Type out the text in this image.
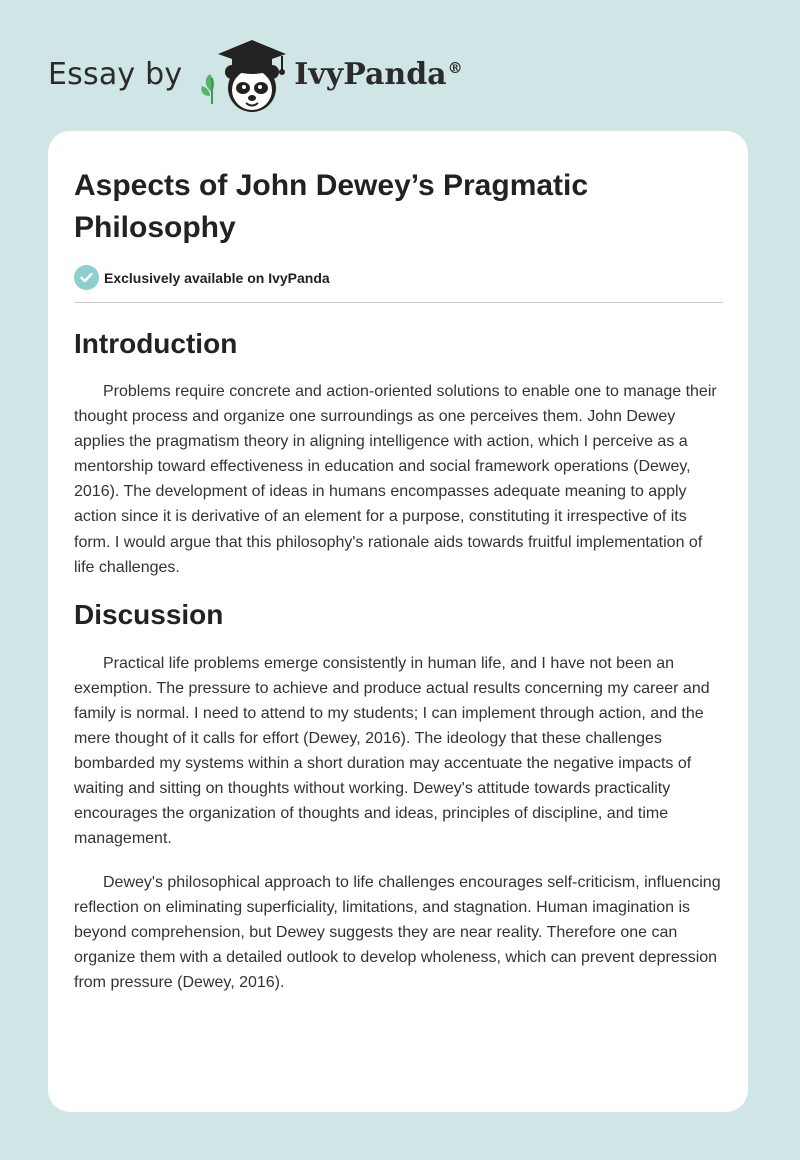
Essay by	IvyPanda®
Aspects of John Dewey’s Pragmatic Philosophy
Exclusively available on IvyPanda
Introduction

Problems require concrete and action-oriented solutions to enable one to manage their thought process and organize one surroundings as one perceives them. John Dewey applies the pragmatism theory in aligning intelligence with action, which I perceive as a mentorship toward effectiveness in education and social framework operations (Dewey, 2016). The development of ideas in humans encompasses adequate meaning to apply action since it is derivative of an element for a purpose, constituting it irrespective of its form. I would argue that this philosophy's rationale aids towards fruitful implementation of life challenges.

Discussion

Practical life problems emerge consistently in human life, and I have not been an exemption. The pressure to achieve and produce actual results concerning my career and family is normal. I need to attend to my students; I can implement through action, and the mere thought of it calls for effort (Dewey, 2016). The ideology that these challenges bombarded my systems within a short duration may accentuate the negative impacts of waiting and sitting on thoughts without working. Dewey's attitude towards practicality encourages the organization of thoughts and ideas, principles of discipline, and time management.

Dewey's philosophical approach to life challenges encourages self-criticism, influencing reflection on eliminating superficiality, limitations, and stagnation. Human imagination is beyond comprehension, but Dewey suggests they are near reality. Therefore one can organize them with a detailed outlook to develop wholeness, which can prevent depression from pressure (Dewey, 2016).
